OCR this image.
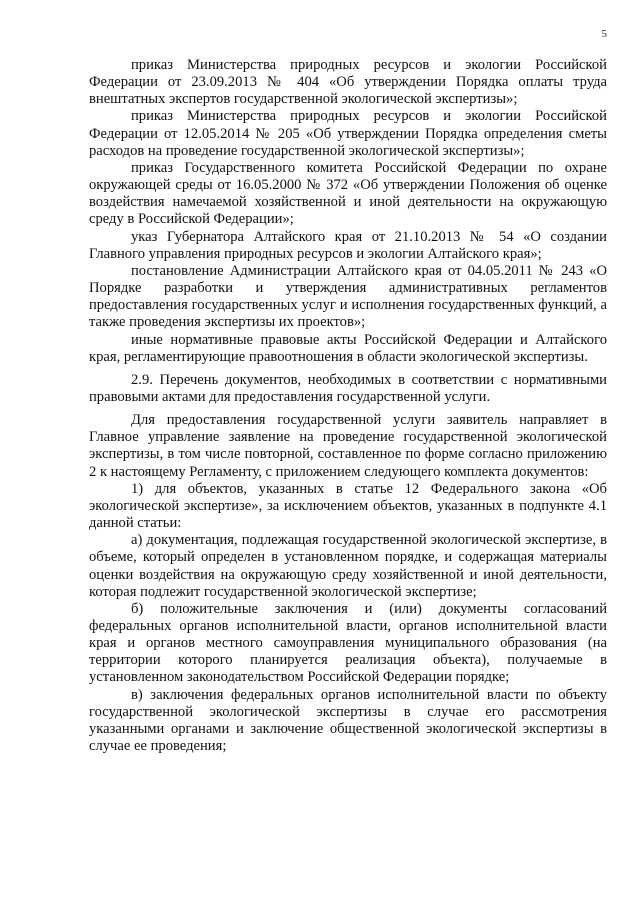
5

приказ Министерства природных ресурсов и экологии Российской Федерации от 23.09.2013 № 404 «Об утверждении Порядка оплаты труда внештатных экспертов государственной экологической экспертизы»;

приказ Министерства природных ресурсов и экологии Российской Федерации от 12.05.2014 № 205 «Об утверждении Порядка определения сметы расходов на проведение государственной экологической экспертизы»;

приказ Государственного комитета Российской Федерации по охране окружающей среды от 16.05.2000 № 372 «Об утверждении Положения об оценке воздействия намечаемой хозяйственной и иной деятельности на окружающую среду в Российской Федерации»;

указ Губернатора Алтайского края от 21.10.2013 № 54 «О создании Главного управления природных ресурсов и экологии Алтайского края»;

постановление Администрации Алтайского края от 04.05.2011 № 243 «О Порядке разработки и утверждения административных регламентов предоставления государственных услуг и исполнения государственных функций, а также проведения экспертизы их проектов»;

иные нормативные правовые акты Российской Федерации и Алтайского края, регламентирующие правоотношения в области экологической экспертизы.

2.9. Перечень документов, необходимых в соответствии с нормативными правовыми актами для предоставления государственной услуги.

Для предоставления государственной услуги заявитель направляет в Главное управление заявление на проведение государственной экологической экспертизы, в том числе повторной, составленное по форме согласно приложению 2 к настоящему Регламенту, с приложением следующего комплекта документов:

1) для объектов, указанных в статье 12 Федерального закона «Об экологической экспертизе», за исключением объектов, указанных в подпункте 4.1 данной статьи:

а) документация, подлежащая государственной экологической экспертизе, в объеме, который определен в установленном порядке, и содержащая материалы оценки воздействия на окружающую среду хозяйственной и иной деятельности, которая подлежит государственной экологической экспертизе;

б) положительные заключения и (или) документы согласований федеральных органов исполнительной власти, органов исполнительной власти края и органов местного самоуправления муниципального образования (на территории которого планируется реализация объекта), получаемые в установленном законодательством Российской Федерации порядке;

в) заключения федеральных органов исполнительной власти по объекту государственной экологической экспертизы в случае его рассмотрения указанными органами и заключение общественной экологической экспертизы в случае ее проведения;
